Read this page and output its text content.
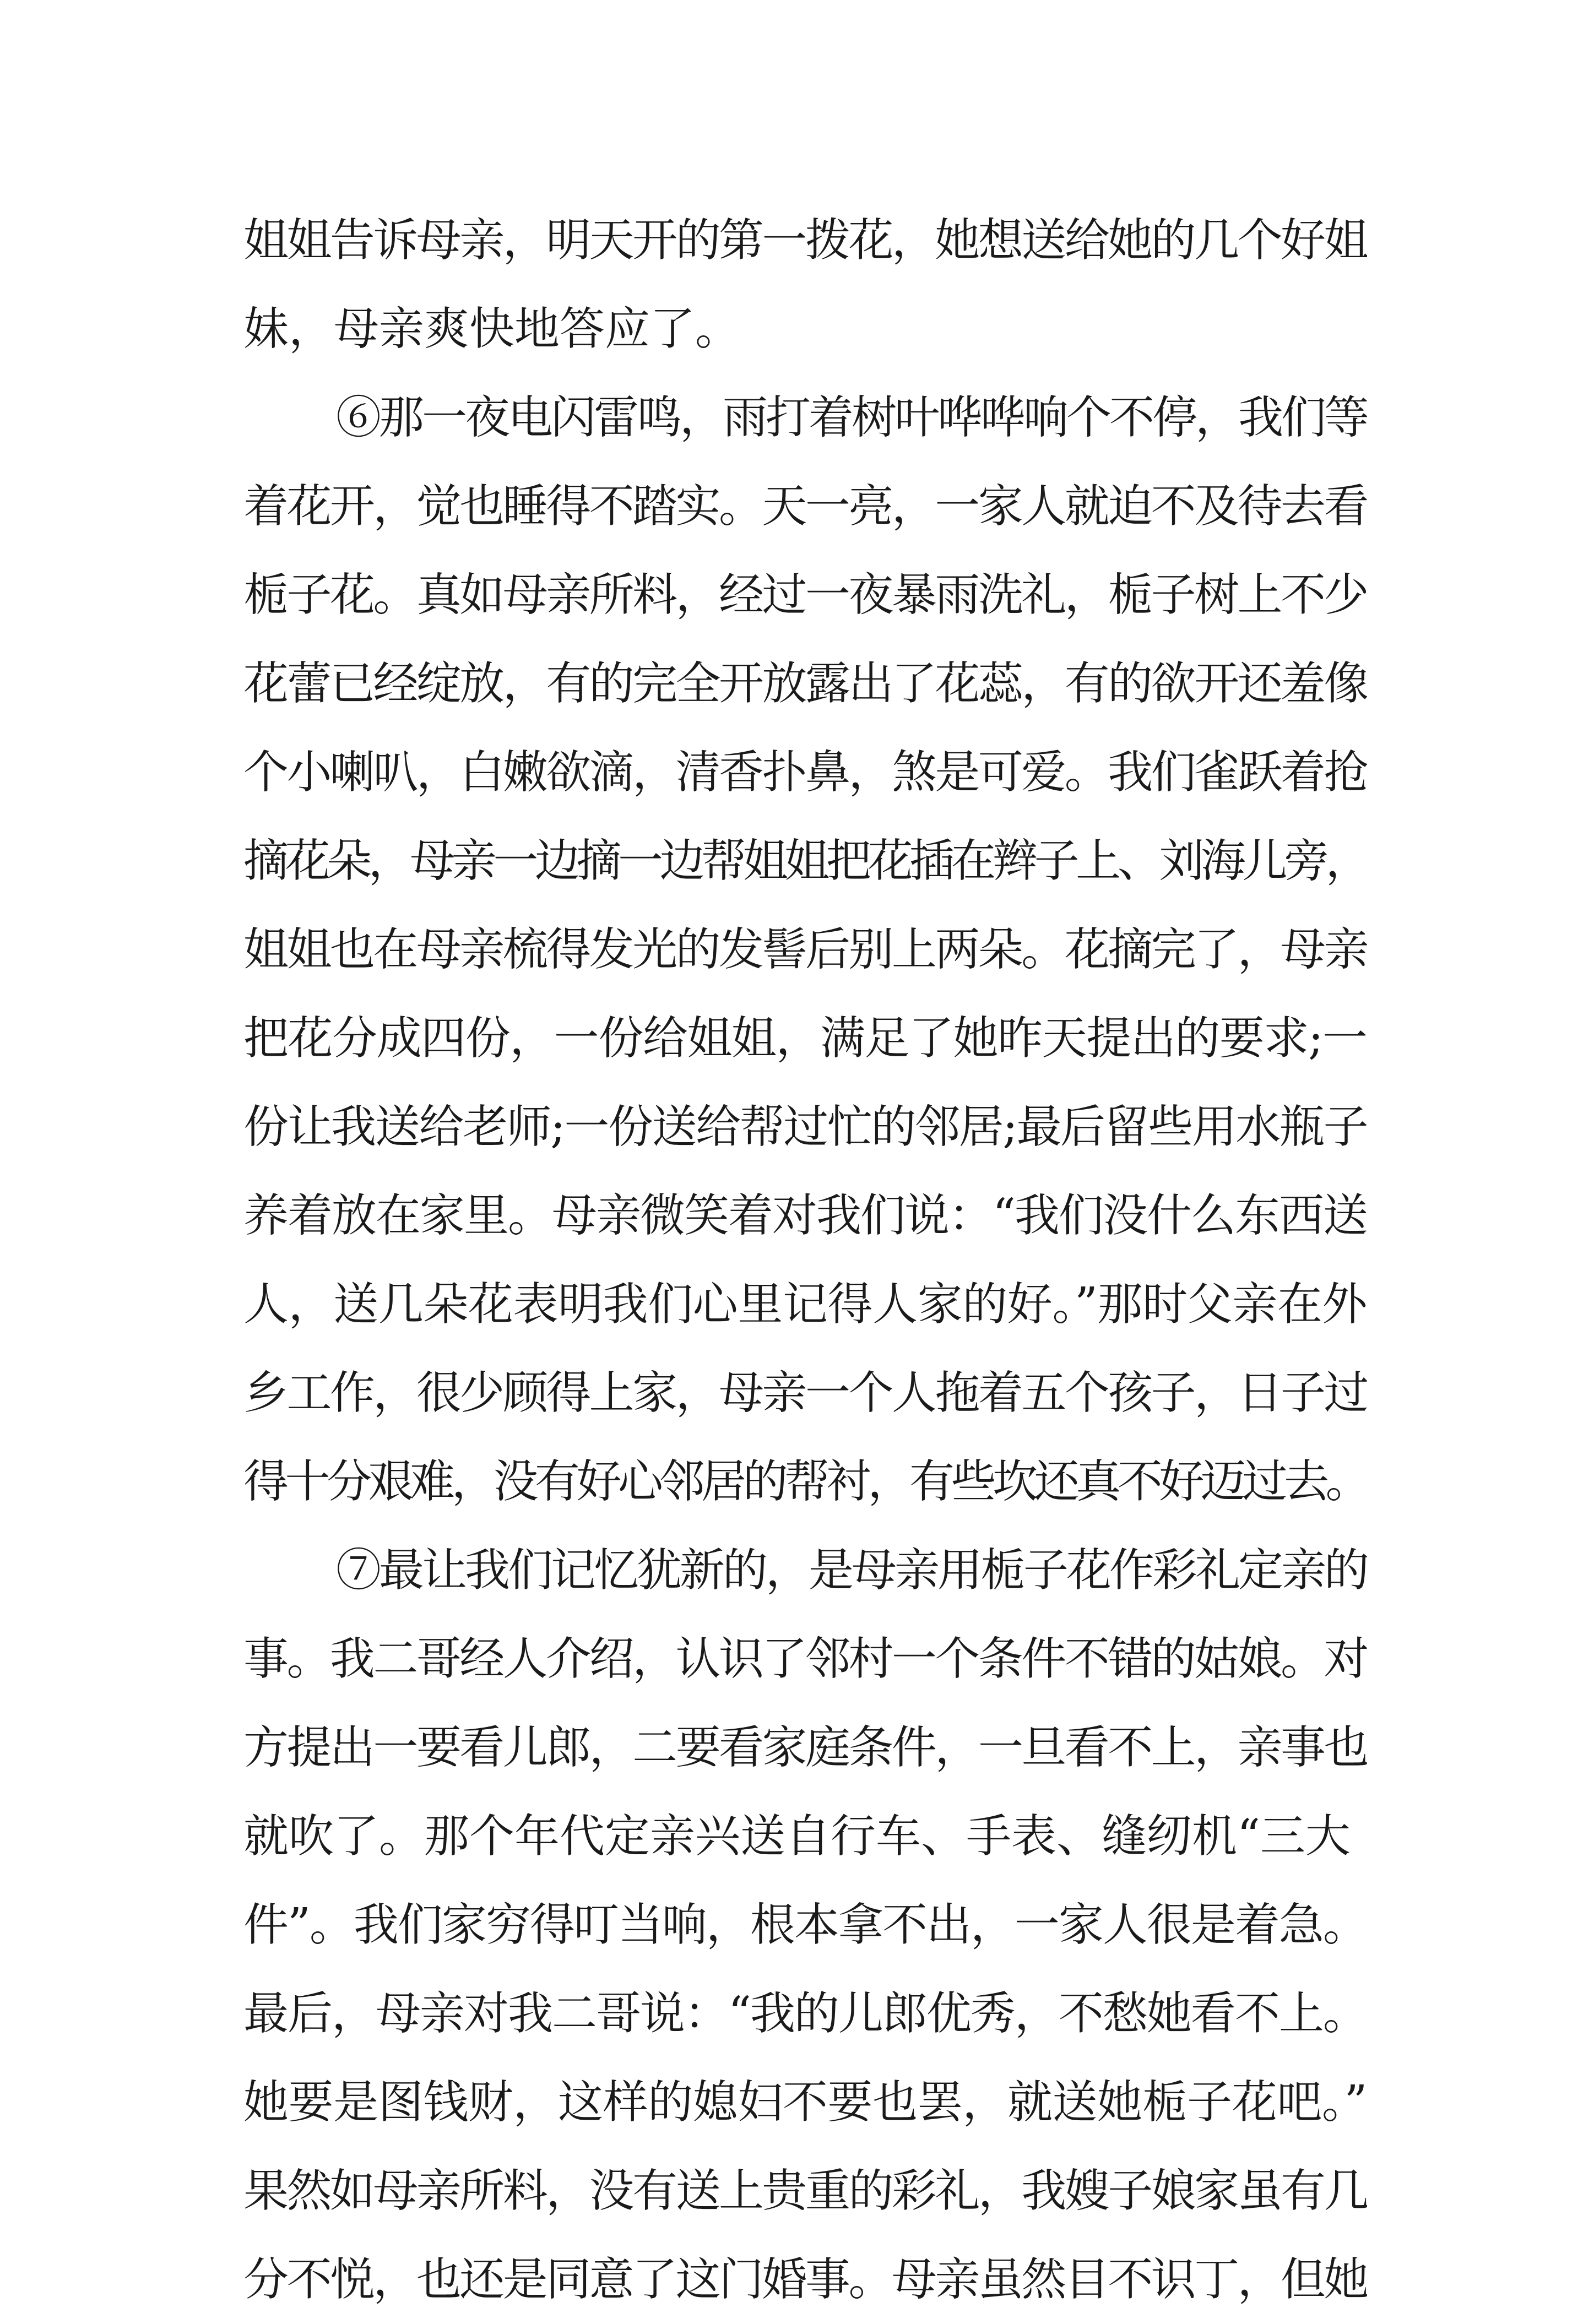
姐姐告诉母亲，明天开的第一拨花，她想送给她的几个好姐
妹，母亲爽快地答应了。
⑥那一夜电闪雷鸣，雨打着树叶哗哗响个不停，我们等
着花开，觉也睡得不踏实。天一亮，一家人就迫不及待去看
栀子花。真如母亲所料，经过一夜暴雨洗礼，栀子树上不少
花蕾已经绽放，有的完全开放露出了花蕊，有的欲开还羞像
个小喇叭，白嫩欲滴，清香扑鼻，煞是可爱。我们雀跃着抢
摘花朵，母亲一边摘一边帮姐姐把花插在辫子上、刘海儿旁，
姐姐也在母亲梳得发光的发髻后别上两朵。花摘完了，母亲
把花分成四份，一份给姐姐，满足了她昨天提出的要求;一
份让我送给老师;一份送给帮过忙的邻居;最后留些用水瓶子
养着放在家里。母亲微笑着对我们说：“我们没什么东西送
人，送几朵花表明我们心里记得人家的好。”那时父亲在外
乡工作，很少顾得上家，母亲一个人拖着五个孩子，日子过
得十分艰难，没有好心邻居的帮衬，有些坎还真不好迈过去。
⑦最让我们记忆犹新的，是母亲用栀子花作彩礼定亲的
事。我二哥经人介绍，认识了邻村一个条件不错的姑娘。对
方提出一要看儿郎，二要看家庭条件，一旦看不上，亲事也
就吹了。那个年代定亲兴送自行车、手表、缝纫机“三大
件”。我们家穷得叮当响，根本拿不出，一家人很是着急。
最后，母亲对我二哥说：“我的儿郎优秀，不愁她看不上。
她要是图钱财，这样的媳妇不要也罢，就送她栀子花吧。”
果然如母亲所料，没有送上贵重的彩礼，我嫂子娘家虽有几
分不悦，也还是同意了这门婚事。母亲虽然目不识丁，但她
